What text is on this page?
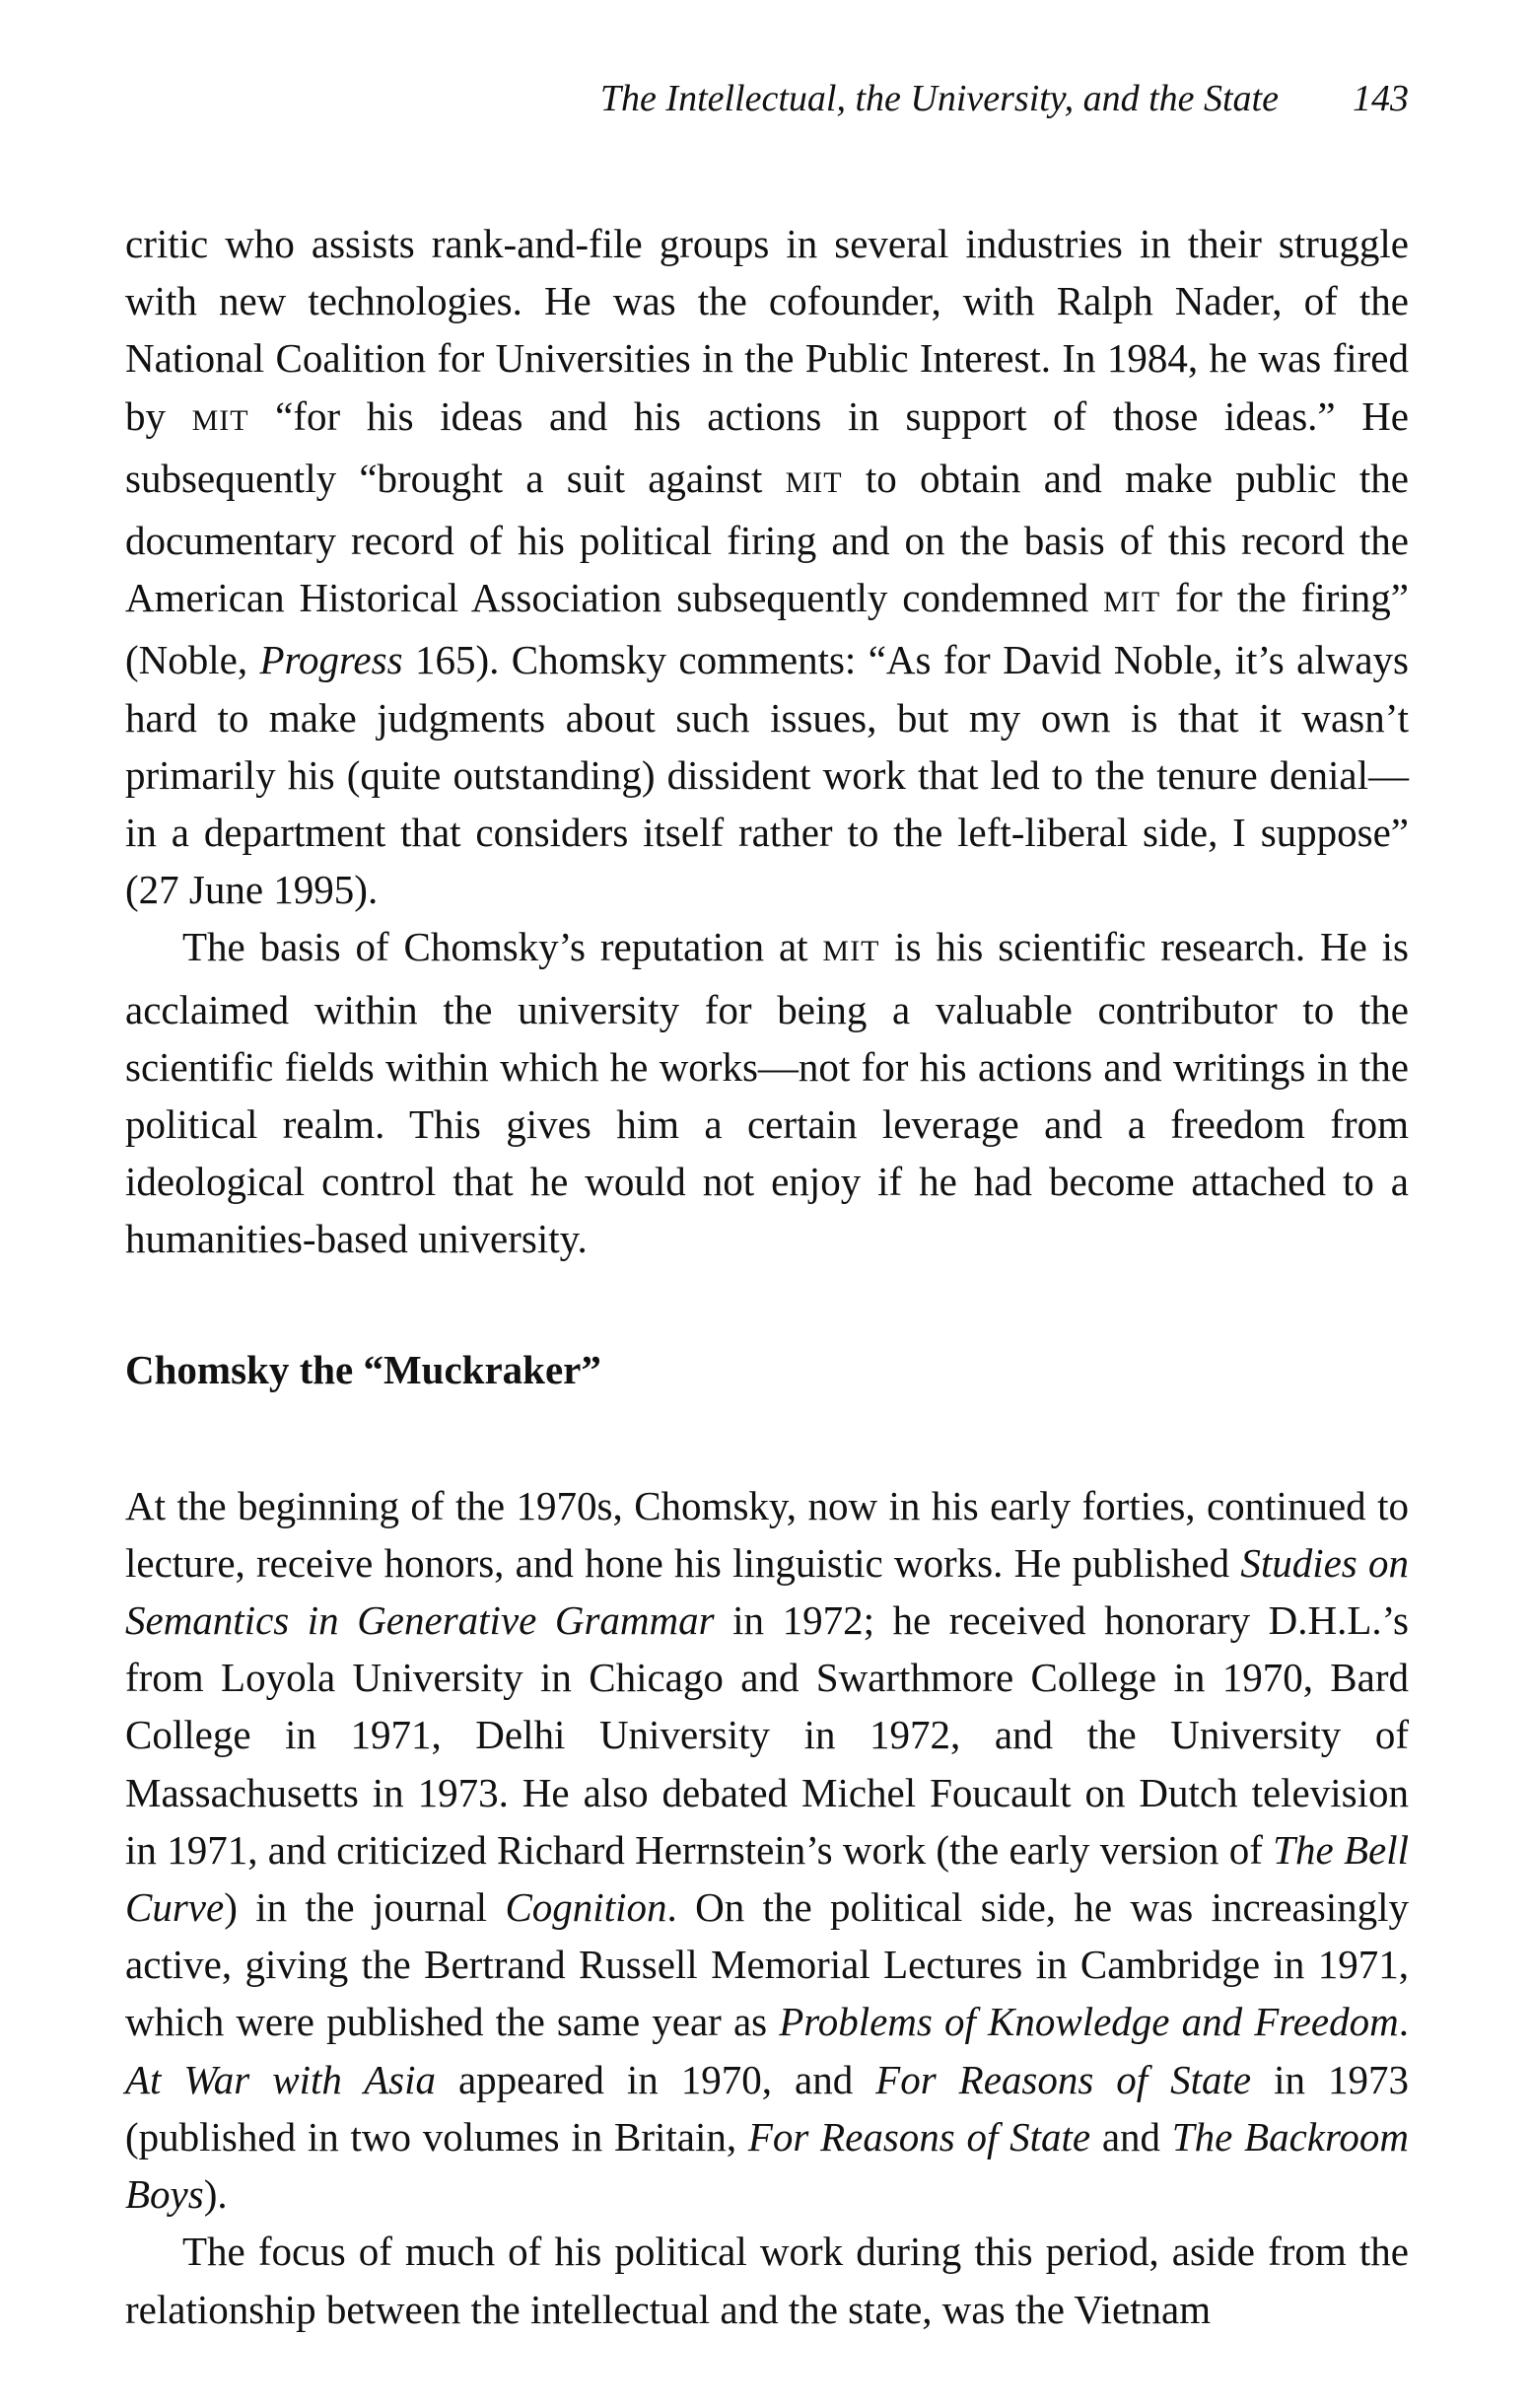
The Intellectual, the University, and the State 143

critic who assists rank-and-file groups in several industries in their struggle with new technologies. He was the cofounder, with Ralph Nader, of the National Coalition for Universities in the Public Interest. In 1984, he was fired by MIT “for his ideas and his actions in support of those ideas.” He subsequently “brought a suit against MIT to obtain and make public the documentary record of his political firing and on the basis of this record the American Historical Association subsequently condemned MIT for the firing” (Noble, Progress 165). Chomsky comments: “As for David Noble, it’s always hard to make judgments about such issues, but my own is that it wasn’t primarily his (quite outstanding) dissident work that led to the tenure denial—in a department that considers itself rather to the left-liberal side, I suppose” (27 June 1995).

The basis of Chomsky’s reputation at MIT is his scientific research. He is acclaimed within the university for being a valuable contributor to the scientific fields within which he works—not for his actions and writings in the political realm. This gives him a certain leverage and a freedom from ideological control that he would not enjoy if he had become attached to a humanities-based university.

Chomsky the “Muckraker”

At the beginning of the 1970s, Chomsky, now in his early forties, continued to lecture, receive honors, and hone his linguistic works. He published Studies on Semantics in Generative Grammar in 1972; he received honorary D.H.L.’s from Loyola University in Chicago and Swarthmore College in 1970, Bard College in 1971, Delhi University in 1972, and the University of Massachusetts in 1973. He also debated Michel Foucault on Dutch television in 1971, and criticized Richard Herrnstein’s work (the early version of The Bell Curve) in the journal Cognition. On the political side, he was increasingly active, giving the Bertrand Russell Memorial Lectures in Cambridge in 1971, which were published the same year as Problems of Knowledge and Freedom. At War with Asia appeared in 1970, and For Reasons of State in 1973 (published in two volumes in Britain, For Reasons of State and The Backroom Boys).

The focus of much of his political work during this period, aside from the relationship between the intellectual and the state, was the Vietnam
